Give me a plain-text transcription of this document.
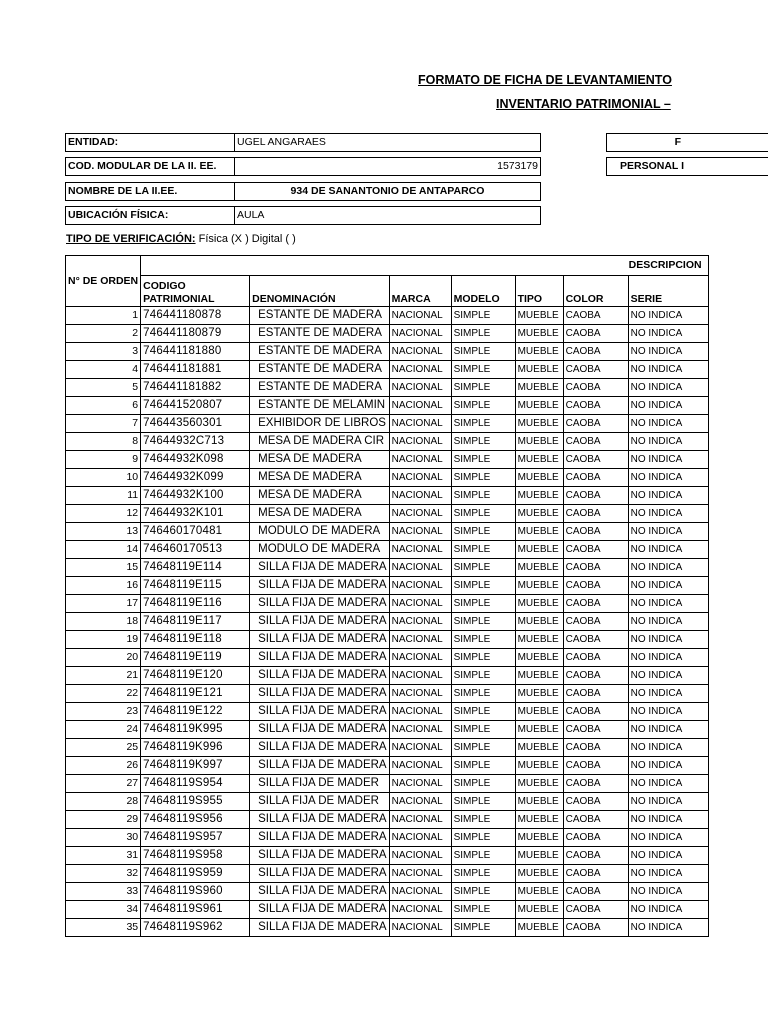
FORMATO DE FICHA DE LEVANTAMIENTO
INVENTARIO PATRIMONIAL –
ENTIDAD:	UGEL ANGARAES
COD. MODULAR DE LA II. EE.	1573179
NOMBRE DE LA II.EE.	934 DE SANANTONIO DE ANTAPARCO
UBICACIÓN FÍSICA:	AULA
F
PERSONAL I
TIPO DE VERIFICACIÓN: Física (X ) Digital ( )
N° DE ORDEN	DESCRIPCION						
	CODIGO PATRIMONIAL	DENOMINACIÓN	MARCA	MODELO	TIPO	COLOR	SERIE
1	746441180878	ESTANTE DE MADERA	NACIONAL	SIMPLE	MUEBLE	CAOBA	NO INDICA
2	746441180879	ESTANTE DE MADERA	NACIONAL	SIMPLE	MUEBLE	CAOBA	NO INDICA
3	746441181880	ESTANTE DE MADERA	NACIONAL	SIMPLE	MUEBLE	CAOBA	NO INDICA
4	746441181881	ESTANTE DE MADERA	NACIONAL	SIMPLE	MUEBLE	CAOBA	NO INDICA
5	746441181882	ESTANTE DE MADERA	NACIONAL	SIMPLE	MUEBLE	CAOBA	NO INDICA
6	746441520807	ESTANTE DE MELAMIN	NACIONAL	SIMPLE	MUEBLE	CAOBA	NO INDICA
7	746443560301	EXHIBIDOR DE LIBROS	NACIONAL	SIMPLE	MUEBLE	CAOBA	NO INDICA
8	74644932C713	MESA DE MADERA CIR	NACIONAL	SIMPLE	MUEBLE	CAOBA	NO INDICA
9	74644932K098	MESA DE MADERA	NACIONAL	SIMPLE	MUEBLE	CAOBA	NO INDICA
10	74644932K099	MESA DE MADERA	NACIONAL	SIMPLE	MUEBLE	CAOBA	NO INDICA
11	74644932K100	MESA DE MADERA	NACIONAL	SIMPLE	MUEBLE	CAOBA	NO INDICA
12	74644932K101	MESA DE MADERA	NACIONAL	SIMPLE	MUEBLE	CAOBA	NO INDICA
13	746460170481	MODULO DE MADERA	NACIONAL	SIMPLE	MUEBLE	CAOBA	NO INDICA
14	746460170513	MODULO DE MADERA	NACIONAL	SIMPLE	MUEBLE	CAOBA	NO INDICA
15	74648119E114	SILLA FIJA DE MADERA	NACIONAL	SIMPLE	MUEBLE	CAOBA	NO INDICA
16	74648119E115	SILLA FIJA DE MADERA	NACIONAL	SIMPLE	MUEBLE	CAOBA	NO INDICA
17	74648119E116	SILLA FIJA DE MADERA	NACIONAL	SIMPLE	MUEBLE	CAOBA	NO INDICA
18	74648119E117	SILLA FIJA DE MADERA	NACIONAL	SIMPLE	MUEBLE	CAOBA	NO INDICA
19	74648119E118	SILLA FIJA DE MADERA	NACIONAL	SIMPLE	MUEBLE	CAOBA	NO INDICA
20	74648119E119	SILLA FIJA DE MADERA	NACIONAL	SIMPLE	MUEBLE	CAOBA	NO INDICA
21	74648119E120	SILLA FIJA DE MADERA	NACIONAL	SIMPLE	MUEBLE	CAOBA	NO INDICA
22	74648119E121	SILLA FIJA DE MADERA	NACIONAL	SIMPLE	MUEBLE	CAOBA	NO INDICA
23	74648119E122	SILLA FIJA DE MADERA	NACIONAL	SIMPLE	MUEBLE	CAOBA	NO INDICA
24	74648119K995	SILLA FIJA DE MADERA	NACIONAL	SIMPLE	MUEBLE	CAOBA	NO INDICA
25	74648119K996	SILLA FIJA DE MADERA	NACIONAL	SIMPLE	MUEBLE	CAOBA	NO INDICA
26	74648119K997	SILLA FIJA DE MADERA	NACIONAL	SIMPLE	MUEBLE	CAOBA	NO INDICA
27	74648119S954	SILLA FIJA DE MADER	NACIONAL	SIMPLE	MUEBLE	CAOBA	NO INDICA
28	74648119S955	SILLA FIJA DE MADER	NACIONAL	SIMPLE	MUEBLE	CAOBA	NO INDICA
29	74648119S956	SILLA FIJA DE MADERA	NACIONAL	SIMPLE	MUEBLE	CAOBA	NO INDICA
30	74648119S957	SILLA FIJA DE MADERA	NACIONAL	SIMPLE	MUEBLE	CAOBA	NO INDICA
31	74648119S958	SILLA FIJA DE MADERA	NACIONAL	SIMPLE	MUEBLE	CAOBA	NO INDICA
32	74648119S959	SILLA FIJA DE MADERA	NACIONAL	SIMPLE	MUEBLE	CAOBA	NO INDICA
33	74648119S960	SILLA FIJA DE MADERA	NACIONAL	SIMPLE	MUEBLE	CAOBA	NO INDICA
34	74648119S961	SILLA FIJA DE MADERA	NACIONAL	SIMPLE	MUEBLE	CAOBA	NO INDICA
35	74648119S962	SILLA FIJA DE MADERA	NACIONAL	SIMPLE	MUEBLE	CAOBA	NO INDICA
